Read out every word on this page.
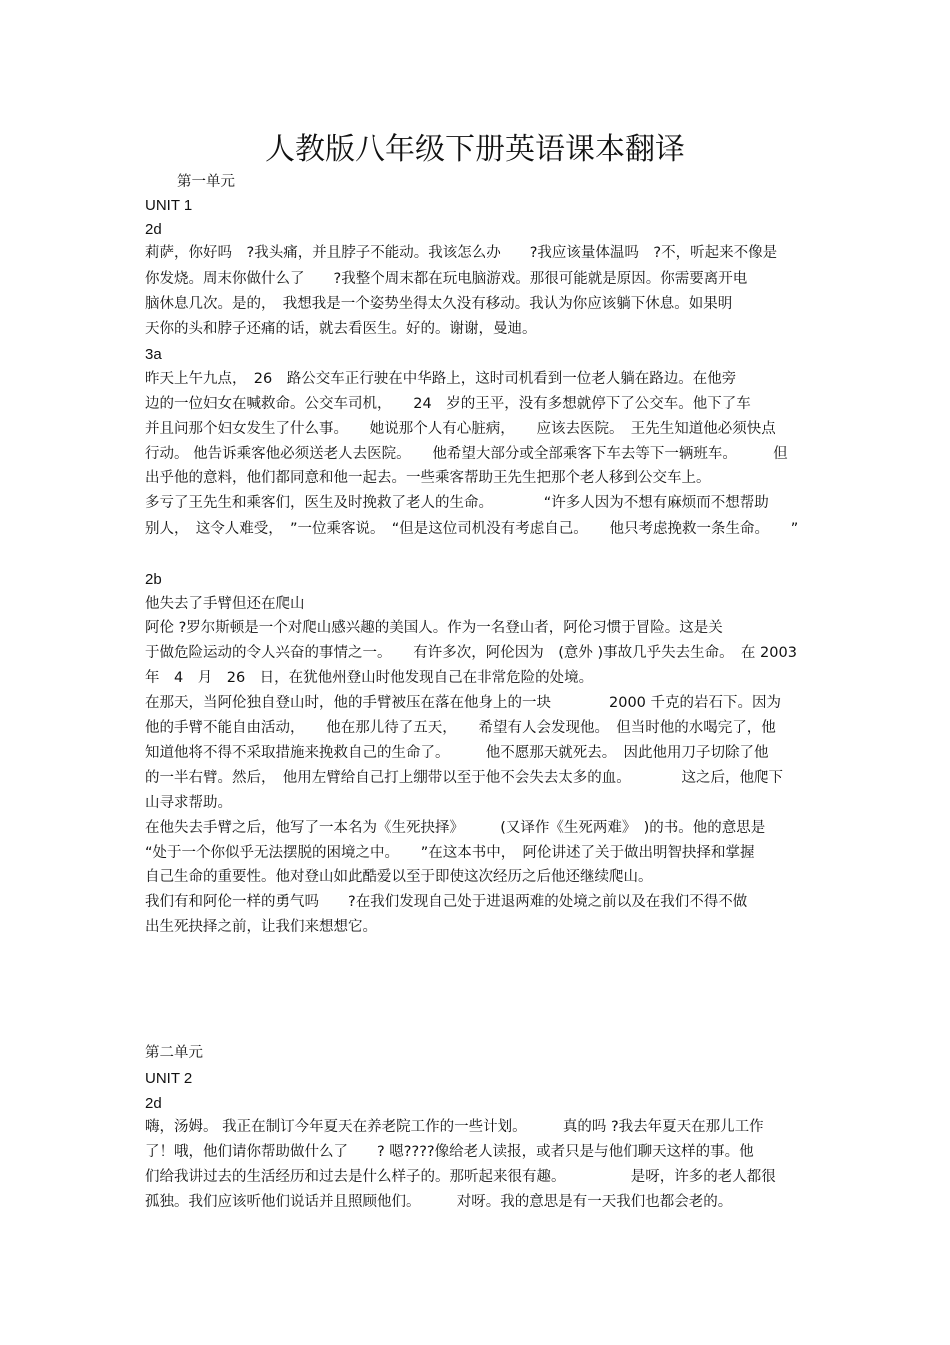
人教版八年级下册英语课本翻译
第一单元
UNIT 1
2d
莉萨，你好吗　?我头痛，并且脖子不能动。我该怎么办　　?我应该量体温吗　?不，听起来不像是
你发烧。周末你做什么了　　?我整个周末都在玩电脑游戏。那很可能就是原因。你需要离开电
脑休息几次。是的，　我想我是一个姿势坐得太久没有移动。我认为你应该躺下休息。如果明
天你的头和脖子还痛的话，就去看医生。好的。谢谢，曼迪。
3a
昨天上午九点，　26　路公交车正行驶在中华路上，这时司机看到一位老人躺在路边。在他旁
边的一位妇女在喊救命。公交车司机，　　24　岁的王平，没有多想就停下了公交车。他下了车
并且问那个妇女发生了什么事。　　她说那个人有心脏病，　　应该去医院。　王先生知道他必须快点
行动。 他告诉乘客他必须送老人去医院。　　他希望大部分或全部乘客下车去等下一辆班车。　　　但
出乎他的意料，他们都同意和他一起去。一些乘客帮助王先生把那个老人移到公交车上。
多亏了王先生和乘客们，医生及时挽救了老人的生命。　　　　“许多人因为不想有麻烦而不想帮助
别人，　这令人难受，　”一位乘客说。　“但是这位司机没有考虑自己。　　他只考虑挽救一条生命。　　”
2b
他失去了手臂但还在爬山
阿伦 ?罗尔斯顿是一个对爬山感兴趣的美国人。作为一名登山者，阿伦习惯于冒险。这是关
于做危险运动的令人兴奋的事情之一。　　有许多次，阿伦因为　(意外 )事故几乎失去生命。　在 2003
年　4　月　26　日，在犹他州登山时他发现自己在非常危险的处境。
在那天，当阿伦独自登山时，他的手臂被压在落在他身上的一块　　　　2000 千克的岩石下。因为
他的手臂不能自由活动，　　他在那儿待了五天，　　希望有人会发现他。　但当时他的水喝完了，他
知道他将不得不采取措施来挽救自己的生命了。　　　他不愿那天就死去。　因此他用刀子切除了他
的一半右臂。然后，　他用左臂给自己打上绷带以至于他不会失去太多的血。　　　　这之后，他爬下
山寻求帮助。
在他失去手臂之后，他写了一本名为《生死抉择》　　　(又译作《生死两难》　)的书。他的意思是
“处于一个你似乎无法摆脱的困境之中。　　”在这本书中，　阿伦讲述了关于做出明智抉择和掌握
自己生命的重要性。他对登山如此酷爱以至于即使这次经历之后他还继续爬山。
我们有和阿伦一样的勇气吗　　?在我们发现自己处于进退两难的处境之前以及在我们不得不做
出生死抉择之前，让我们来想想它。
第二单元
UNIT 2
2d
嗨，汤姆。 我正在制订今年夏天在养老院工作的一些计划。　　　真的吗 ?我去年夏天在那儿工作
了！哦，他们请你帮助做什么了　　? 嗯????像给老人读报，或者只是与他们聊天这样的事。他
们给我讲过去的生活经历和过去是什么样子的。那听起来很有趣。　　　　　是呀，许多的老人都很
孤独。我们应该听他们说话并且照顾他们。　　　对呀。我的意思是有一天我们也都会老的。
